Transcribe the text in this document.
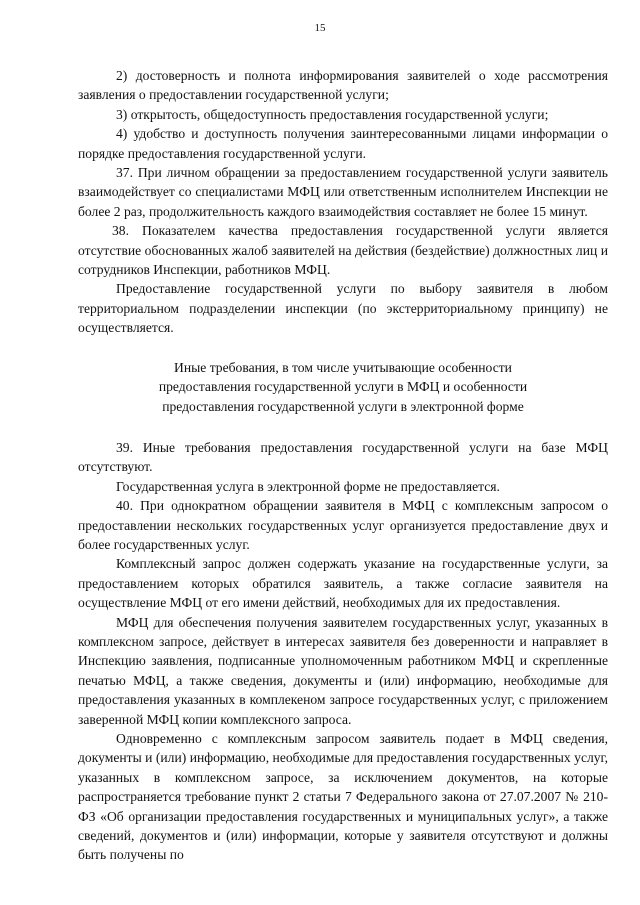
15

2) достоверность и полнота информирования заявителей о ходе рассмотрения заявления о предоставлении государственной услуги;

3) открытость, общедоступность предоставления государственной услуги;

4) удобство и доступность получения заинтересованными лицами информации о порядке предоставления государственной услуги.

37. При личном обращении за предоставлением государственной услуги заявитель взаимодействует со специалистами МФЦ или ответственным исполнителем Инспекции не более 2 раз, продолжительность каждого взаимодействия составляет не более 15 минут.

38. Показателем качества предоставления государственной услуги является отсутствие обоснованных жалоб заявителей на действия (бездействие) должностных лиц и сотрудников Инспекции, работников МФЦ.

Предоставление государственной услуги по выбору заявителя в любом территориальном подразделении инспекции (по экстерриториальному принципу) не осуществляется.

Иные требования, в том числе учитывающие особенности

предоставления государственной услуги в МФЦ и особенности

предоставления государственной услуги в электронной форме

39. Иные требования предоставления государственной услуги на базе МФЦ отсутствуют.

Государственная услуга в электронной форме не предоставляется.

40. При однократном обращении заявителя в МФЦ с комплексным запросом о предоставлении нескольких государственных услуг организуется предоставление двух и более государственных услуг.

Комплексный запрос должен содержать указание на государственные услуги, за предоставлением которых обратился заявитель, а также согласие заявителя на осуществление МФЦ от его имени действий, необходимых для их предоставления.

МФЦ для обеспечения получения заявителем государственных услуг, указанных в комплексном запросе, действует в интересах заявителя без доверенности и направляет в Инспекцию заявления, подписанные уполномоченным работником МФЦ и скрепленные печатью МФЦ, а также сведения, документы и (или) информацию, необходимые для предоставления указанных в комплекеном запросе государственных услуг, с приложением заверенной МФЦ копии комплексного запроса.

Одновременно с комплексным запросом заявитель подает в МФЦ сведения, документы и (или) информацию, необходимые для предоставления государственных услуг, указанных в комплексном запросе, за исключением документов, на которые распространяется требование пункт 2 статьи 7 Федерального закона от 27.07.2007 № 210-ФЗ «Об организации предоставления государственных и муниципальных услуг», а также сведений, документов и (или) информации, которые у заявителя отсутствуют и должны быть получены по
